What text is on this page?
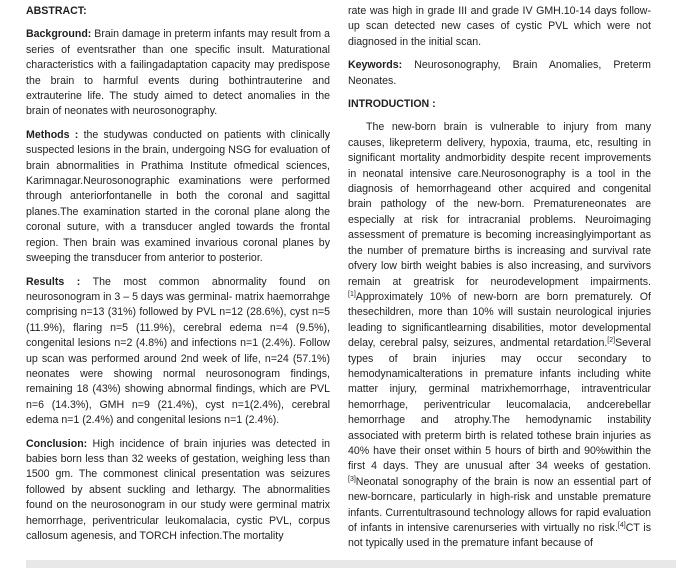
ABSTRACT:

Background: Brain damage in preterm infants may result from a series of eventsrather than one specific insult. Maturational characteristics with a failingadaptation capacity may predispose the brain to harmful events during bothintrauterine and extrauterine life. The study aimed to detect anomalies in the brain of neonates with neurosonography.

Methods : the studywas conducted on patients with clinically suspected lesions in the brain, undergoing NSG for evaluation of brain abnormalities in Prathima Institute ofmedical sciences, Karimnagar.Neurosonographic examinations were performed through anteriorfontanelle in both the coronal and sagittal planes.The examination started in the coronal plane along the coronal suture, with a transducer angled towards the frontal region. Then brain was examined invarious coronal planes by sweeping the transducer from anterior to posterior.

Results : The most common abnormality found on neurosonogram in 3 – 5 days was germinal- matrix haemorrahge comprising n=13 (31%) followed by PVL n=12 (28.6%), cyst n=5 (11.9%), flaring n=5 (11.9%), cerebral edema n=4 (9.5%), congenital lesions n=2 (4.8%) and infections n=1 (2.4%). Follow up scan was performed around 2nd week of life, n=24 (57.1%) neonates were showing normal neurosonogram findings, remaining 18 (43%) showing abnormal findings, which are PVL n=6 (14.3%), GMH n=9 (21.4%), cyst n=1(2.4%), cerebral edema n=1 (2.4%) and congenital lesions n=1 (2.4%).

Conclusion: High incidence of brain injuries was detected in babies born less than 32 weeks of gestation, weighing less than 1500 gm. The commonest clinical presentation was seizures followed by absent suckling and lethargy. The abnormalities found on the neurosonogram in our study were germinal matrix hemorrhage, periventricular leukomalacia, cystic PVL, corpus callosum agenesis, and TORCH infection.The mortality

rate was high in grade III and grade IV GMH.10-14 days follow-up scan detected new cases of cystic PVL which were not diagnosed in the initial scan.

Keywords: Neurosonography, Brain Anomalies, Preterm Neonates.

INTRODUCTION :

The new-born brain is vulnerable to injury from many causes, likepreterm delivery, hypoxia, trauma, etc, resulting in significant mortality andmorbidity despite recent improvements in neonatal intensive care.Neurosonography is a tool in the diagnosis of hemorrhageand other acquired and congenital brain pathology of the new-born. Prematureneonates are especially at risk for intracranial problems. Neuroimaging assessment of premature is becoming increasinglyimportant as the number of premature births is increasing and survival rate ofvery low birth weight babies is also increasing, and survivors remain at greatrisk for neurodevelopment impairments.[1]Approximately 10% of new-born are born prematurely. Of thesechildren, more than 10% will sustain neurological injuries leading to significantlearning disabilities, motor developmental delay, cerebral palsy, seizures, andmental retardation.[2]Several types of brain injuries may occur secondary to hemodynamicalterations in premature infants including white matter injury, germinal matrixhemorrhage, intraventricular hemorrhage, periventricular leucomalacia, andcerebellar hemorrhage and atrophy.The hemodynamic instability associated with preterm birth is related tothese brain injuries as 40% have their onset within 5 hours of birth and 90%within the first 4 days. They are unusual after 34 weeks of gestation.[3]Neonatal sonography of the brain is now an essential part of new-borncare, particularly in high-risk and unstable premature infants. Currentultrasound technology allows for rapid evaluation of infants in intensive carenurseries with virtually no risk.[4]CT is not typically used in the premature infant because of
